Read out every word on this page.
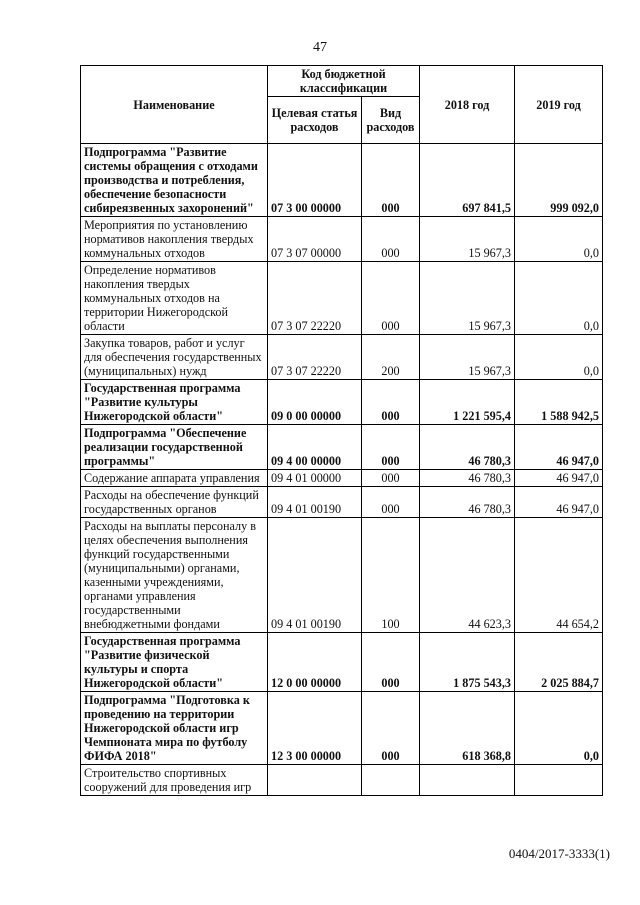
47
Наименование	Код бюджетной классификации		2018 год	2019 год
	Целевая статья расходов	Вид расходов		
Подпрограмма "Развитие системы обращения с отходами производства и потребления, обеспечение безопасности сибиреязвенных захоронений"	07 3 00 00000	000	697 841,5	999 092,0
Мероприятия по установлению нормативов накопления твердых коммунальных отходов	07 3 07 00000	000	15 967,3	0,0
Определение нормативов накопления твердых коммунальных отходов на территории Нижегородской области	07 3 07 22220	000	15 967,3	0,0
Закупка товаров, работ и услуг для обеспечения государственных (муниципальных) нужд	07 3 07 22220	200	15 967,3	0,0
Государственная программа "Развитие культуры Нижегородской области"	09 0 00 00000	000	1 221 595,4	1 588 942,5
Подпрограмма "Обеспечение реализации государственной программы"	09 4 00 00000	000	46 780,3	46 947,0
Содержание аппарата управления	09 4 01 00000	000	46 780,3	46 947,0
Расходы на обеспечение функций государственных органов	09 4 01 00190	000	46 780,3	46 947,0
Расходы на выплаты персоналу в целях обеспечения выполнения функций государственными (муниципальными) органами, казенными учреждениями, органами управления государственными внебюджетными фондами	09 4 01 00190	100	44 623,3	44 654,2
Государственная программа "Развитие физической культуры и спорта Нижегородской области"	12 0 00 00000	000	1 875 543,3	2 025 884,7
Подпрограмма "Подготовка к проведению на территории Нижегородской области игр Чемпионата мира по футболу ФИФА 2018"	12 3 00 00000	000	618 368,8	0,0
Строительство спортивных сооружений для проведения игр				
0404/2017-3333(1)
